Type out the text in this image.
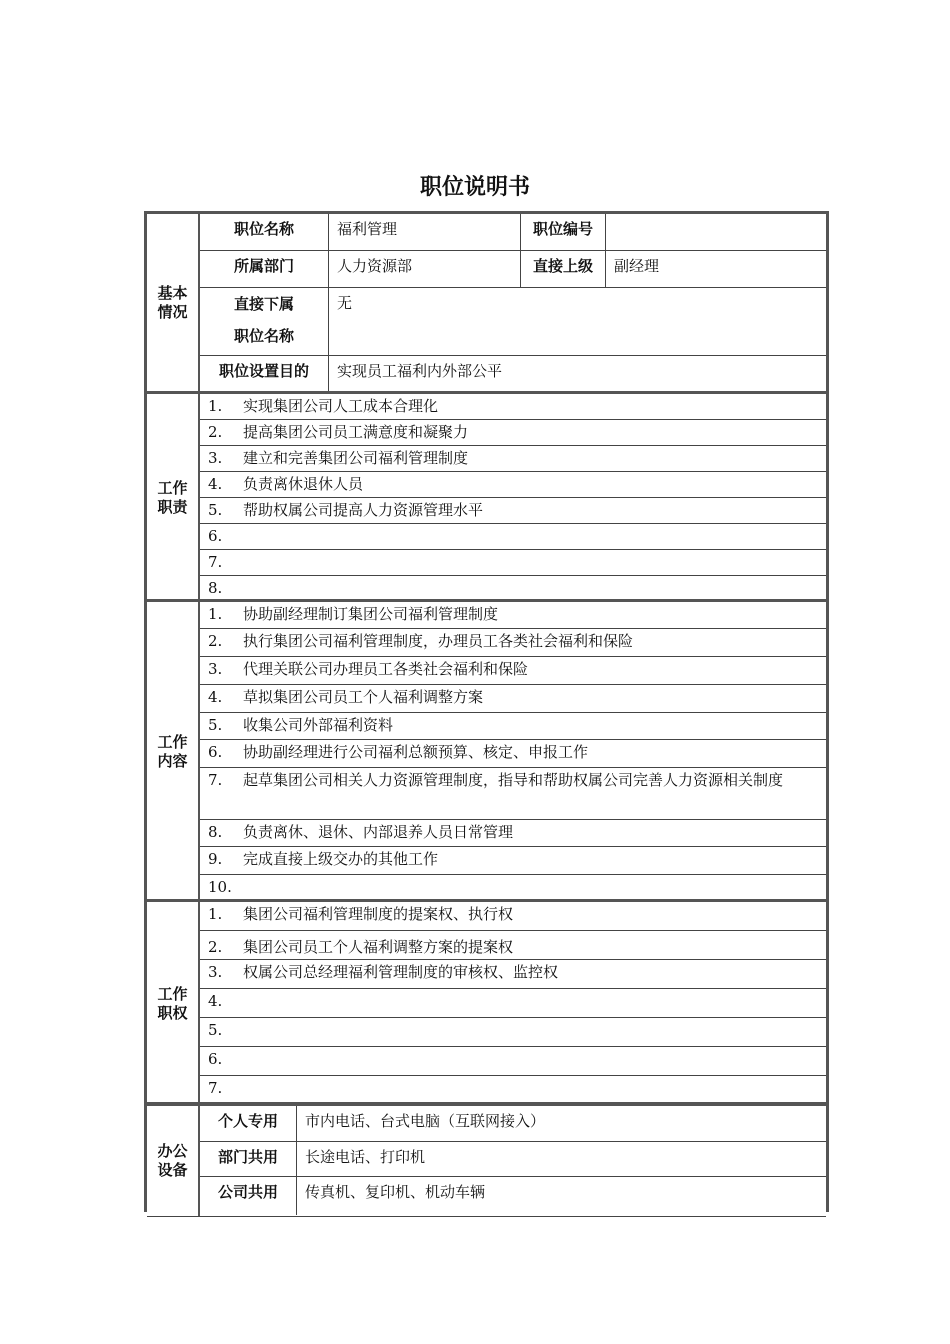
职位说明书
基本
情况
职位名称	福利管理	职位编号
所属部门	人力资源部	直接上级	副经理
直接下属
职位名称
无
职位设置目的	实现员工福利内外部公平
工作
职责
1. 实现集团公司人工成本合理化
2. 提高集团公司员工满意度和凝聚力
3. 建立和完善集团公司福利管理制度
4. 负责离休退休人员
5. 帮助权属公司提高人力资源管理水平
6.
7.
8.
工作
内容
1. 协助副经理制订集团公司福利管理制度
2. 执行集团公司福利管理制度，办理员工各类社会福利和保险
3. 代理关联公司办理员工各类社会福利和保险
4. 草拟集团公司员工个人福利调整方案
5. 收集公司外部福利资料
6. 协助副经理进行公司福利总额预算、核定、申报工作
7. 起草集团公司相关人力资源管理制度，指导和帮助权属公司完善人力资源相关制度
8. 负责离休、退休、内部退养人员日常管理
9. 完成直接上级交办的其他工作
10.
工作
职权
1. 集团公司福利管理制度的提案权、执行权
2. 集团公司员工个人福利调整方案的提案权
3. 权属公司总经理福利管理制度的审核权、监控权
4.
5.
6.
7.
办公
设备
个人专用	市内电话、台式电脑（互联网接入）
部门共用	长途电话、打印机
公司共用	传真机、复印机、机动车辆
